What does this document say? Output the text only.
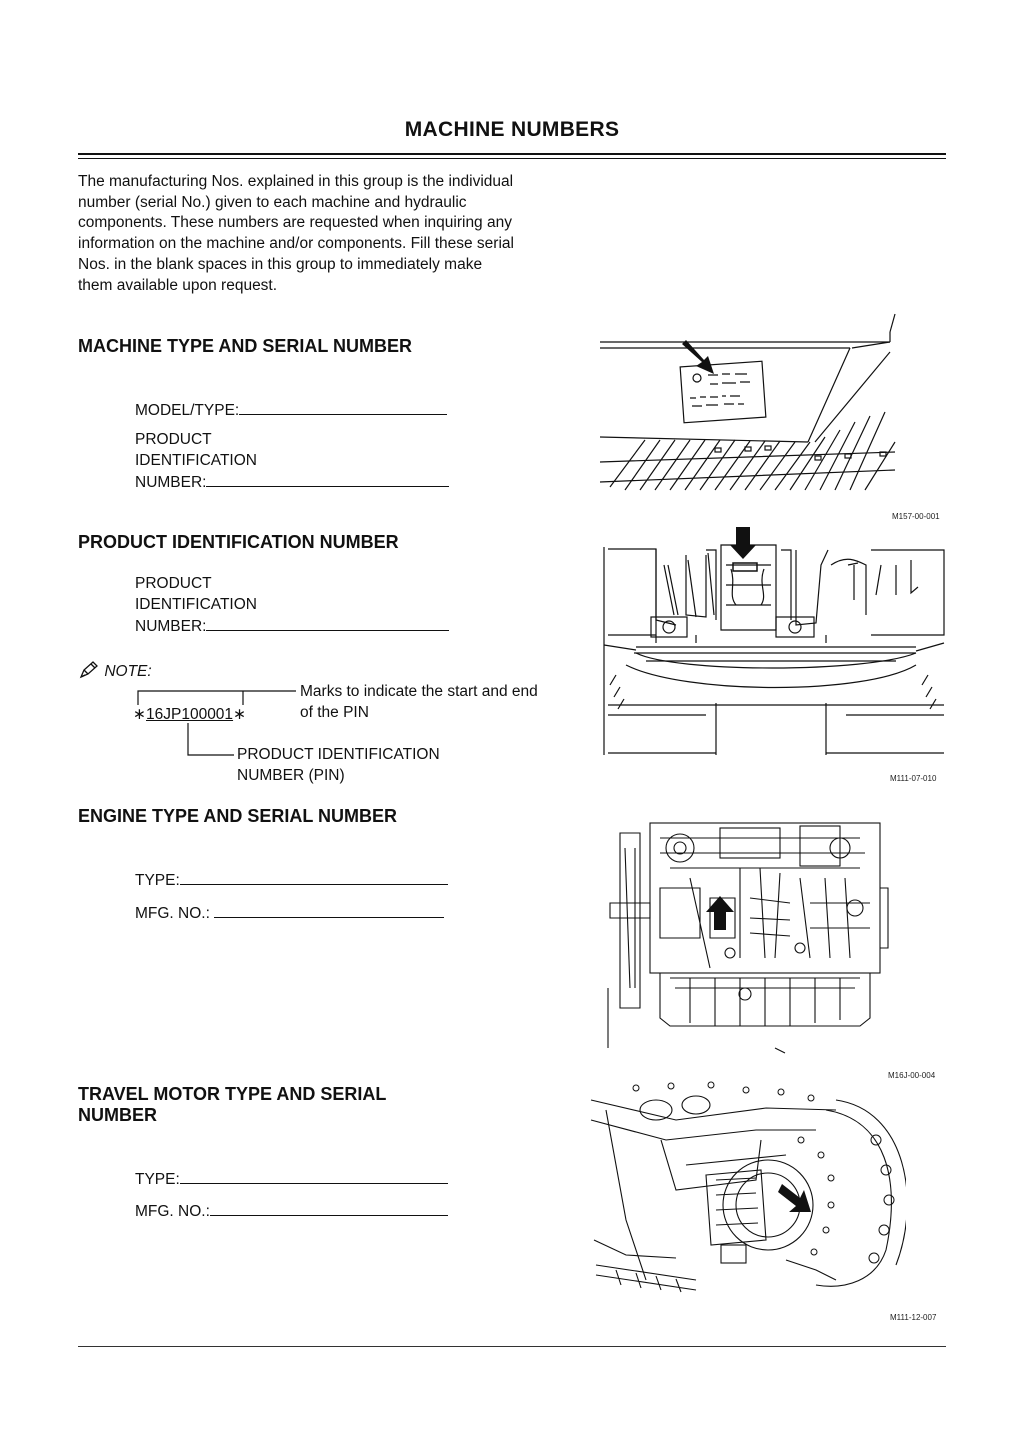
MACHINE NUMBERS
The manufacturing Nos. explained in this group is the individual number (serial No.) given to each machine and hydraulic components. These numbers are requested when inquiring any information on the machine and/or components. Fill these serial Nos. in the blank spaces in this group to immediately make them available upon request.
MACHINE TYPE AND SERIAL NUMBER
MODEL/TYPE:
PRODUCT
IDENTIFICATION
NUMBER:
M157-00-001
PRODUCT IDENTIFICATION NUMBER
PRODUCT
IDENTIFICATION
NUMBER:
NOTE:
∗16JP100001∗
Marks to indicate the start and end of the PIN
PRODUCT IDENTIFICATION
NUMBER (PIN)	M111-07-010
ENGINE TYPE AND SERIAL NUMBER
TYPE:
MFG. NO.:
M16J-00-004
TRAVEL MOTOR TYPE AND SERIAL
NUMBER
TYPE:
MFG. NO.:
M111-12-007
